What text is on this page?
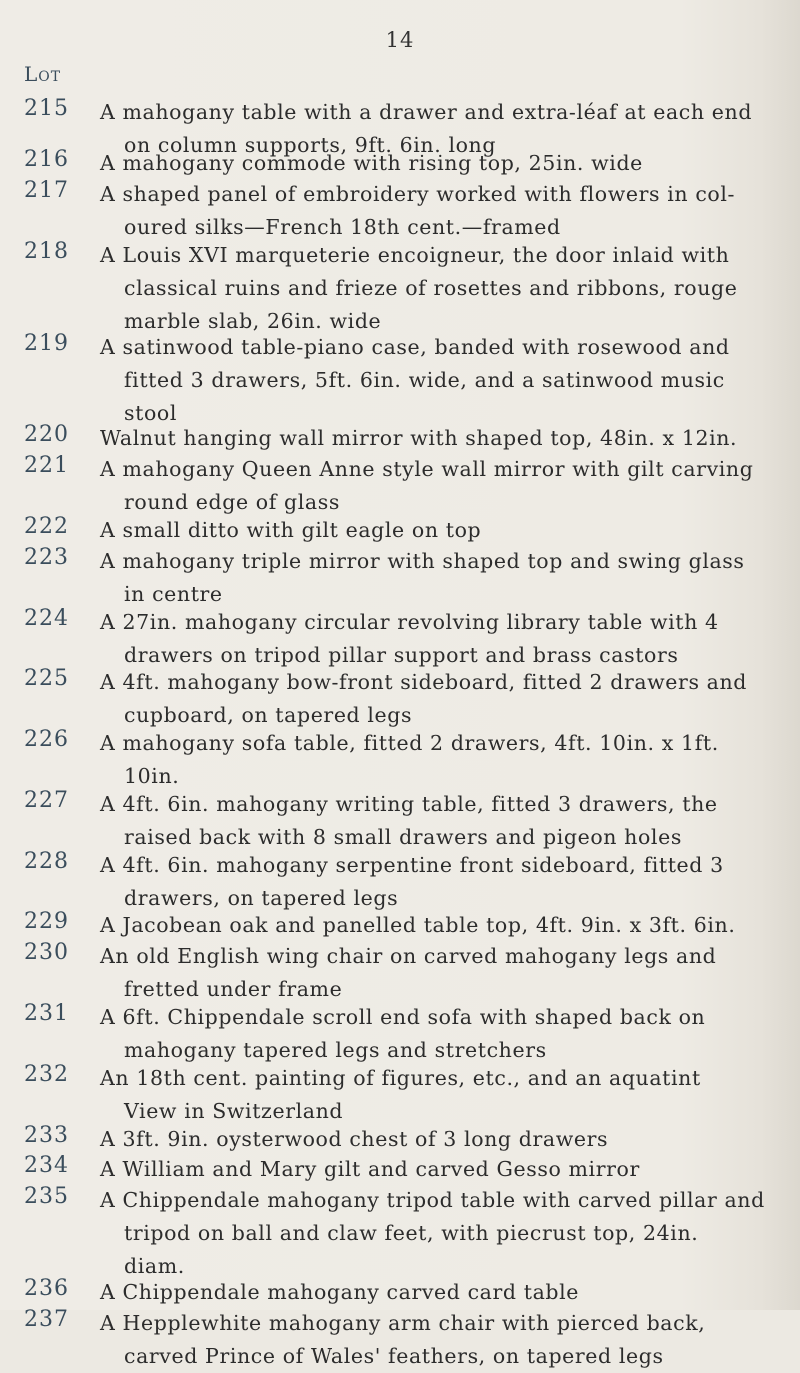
14
Lot
215 A mahogany table with a drawer and extra-léaf at each end
on column supports, 9ft. 6in. long
216 A mahogany commode with rising top, 25in. wide
217 A shaped panel of embroidery worked with flowers in col-
oured silks—French 18th cent.—framed
218 A Louis XVI marqueterie encoigneur, the door inlaid with
classical ruins and frieze of rosettes and ribbons, rouge
marble slab, 26in. wide
219 A satinwood table-piano case, banded with rosewood and
fitted 3 drawers, 5ft. 6in. wide, and a satinwood music
stool
220 Walnut hanging wall mirror with shaped top, 48in. x 12in.
221 A mahogany Queen Anne style wall mirror with gilt carving
round edge of glass
222 A small ditto with gilt eagle on top
223 A mahogany triple mirror with shaped top and swing glass
in centre
224 A 27in. mahogany circular revolving library table with 4
drawers on tripod pillar support and brass castors
225 A 4ft. mahogany bow-front sideboard, fitted 2 drawers and
cupboard, on tapered legs
226 A mahogany sofa table, fitted 2 drawers, 4ft. 10in. x 1ft.
10in.
227 A 4ft. 6in. mahogany writing table, fitted 3 drawers, the
raised back with 8 small drawers and pigeon holes
228 A 4ft. 6in. mahogany serpentine front sideboard, fitted 3
drawers, on tapered legs
229 A Jacobean oak and panelled table top, 4ft. 9in. x 3ft. 6in.
230 An old English wing chair on carved mahogany legs and
fretted under frame
231 A 6ft. Chippendale scroll end sofa with shaped back on
mahogany tapered legs and stretchers
232 An 18th cent. painting of figures, etc., and an aquatint
View in Switzerland
233 A 3ft. 9in. oysterwood chest of 3 long drawers
234 A William and Mary gilt and carved Gesso mirror
235 A Chippendale mahogany tripod table with carved pillar and
tripod on ball and claw feet, with piecrust top, 24in.
diam.
236 A Chippendale mahogany carved card table
237 A Hepplewhite mahogany arm chair with pierced back,
carved Prince of Wales' feathers, on tapered legs
